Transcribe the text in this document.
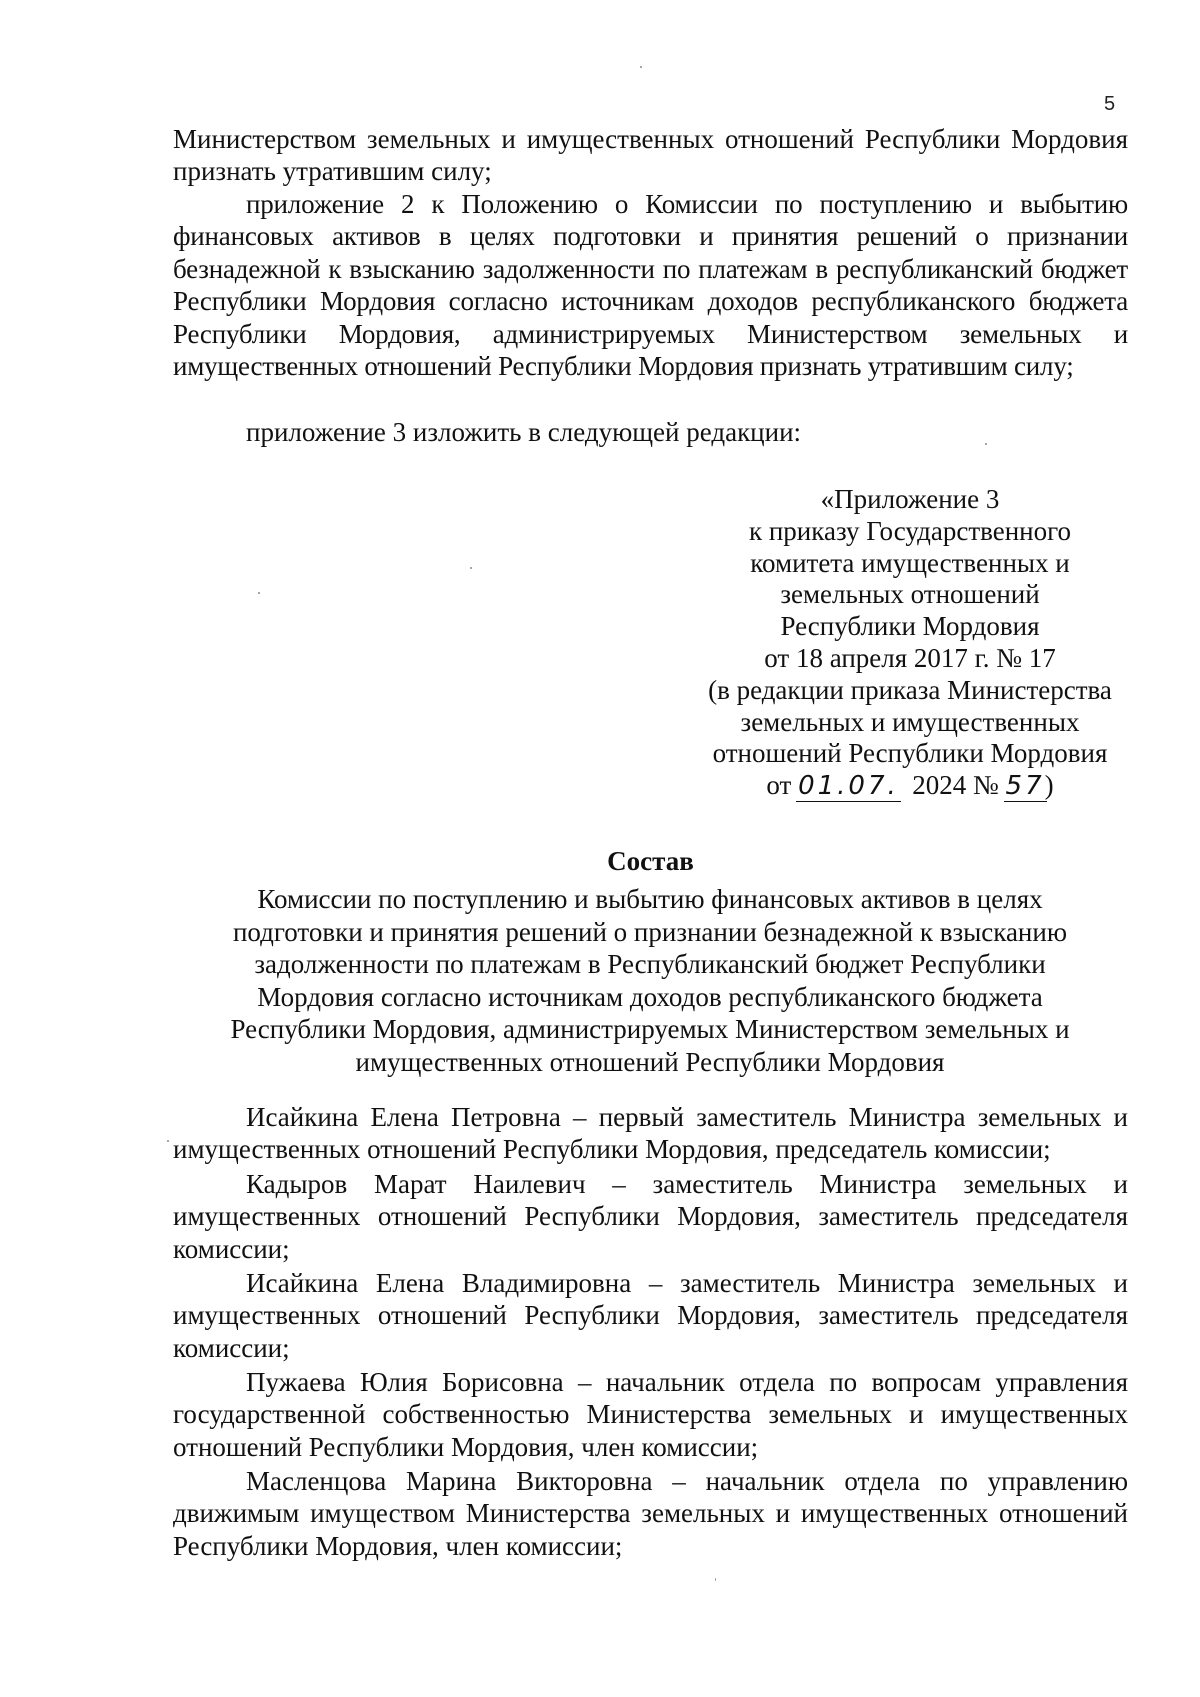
5
Министерством земельных и имущественных отношений Республики Мордовия признать утратившим силу;
приложение 2 к Положению о Комиссии по поступлению и выбытию финансовых активов в целях подготовки и принятия решений о признании безнадежной к взысканию задолженности по платежам в республиканский бюджет Республики Мордовия согласно источникам доходов республиканского бюджета Республики Мордовия, администрируемых Министерством земельных и имущественных отношений Республики Мордовия признать утратившим силу;
приложение 3 изложить в следующей редакции:
«Приложение 3
к приказу Государственного
комитета имущественных и
земельных отношений
Республики Мордовия
от 18 апреля 2017 г. № 17
(в редакции приказа Министерства
земельных и имущественных
отношений Республики Мордовия
от 01.07. 2024 № 57)
Состав
Комиссии по поступлению и выбытию финансовых активов в целях подготовки и принятия решений о признании безнадежной к взысканию задолженности по платежам в Республиканский бюджет Республики Мордовия согласно источникам доходов республиканского бюджета Республики Мордовия, администрируемых Министерством земельных и имущественных отношений Республики Мордовия
Исайкина Елена Петровна – первый заместитель Министра земельных и имущественных отношений Республики Мордовия, председатель комиссии;
Кадыров Марат Наилевич – заместитель Министра земельных и имущественных отношений Республики Мордовия, заместитель председателя комиссии;
Исайкина Елена Владимировна – заместитель Министра земельных и имущественных отношений Республики Мордовия, заместитель председателя комиссии;
Пужаева Юлия Борисовна – начальник отдела по вопросам управления государственной собственностью Министерства земельных и имущественных отношений Республики Мордовия, член комиссии;
Масленцова Марина Викторовна – начальник отдела по управлению движимым имуществом Министерства земельных и имущественных отношений Республики Мордовия, член комиссии;
